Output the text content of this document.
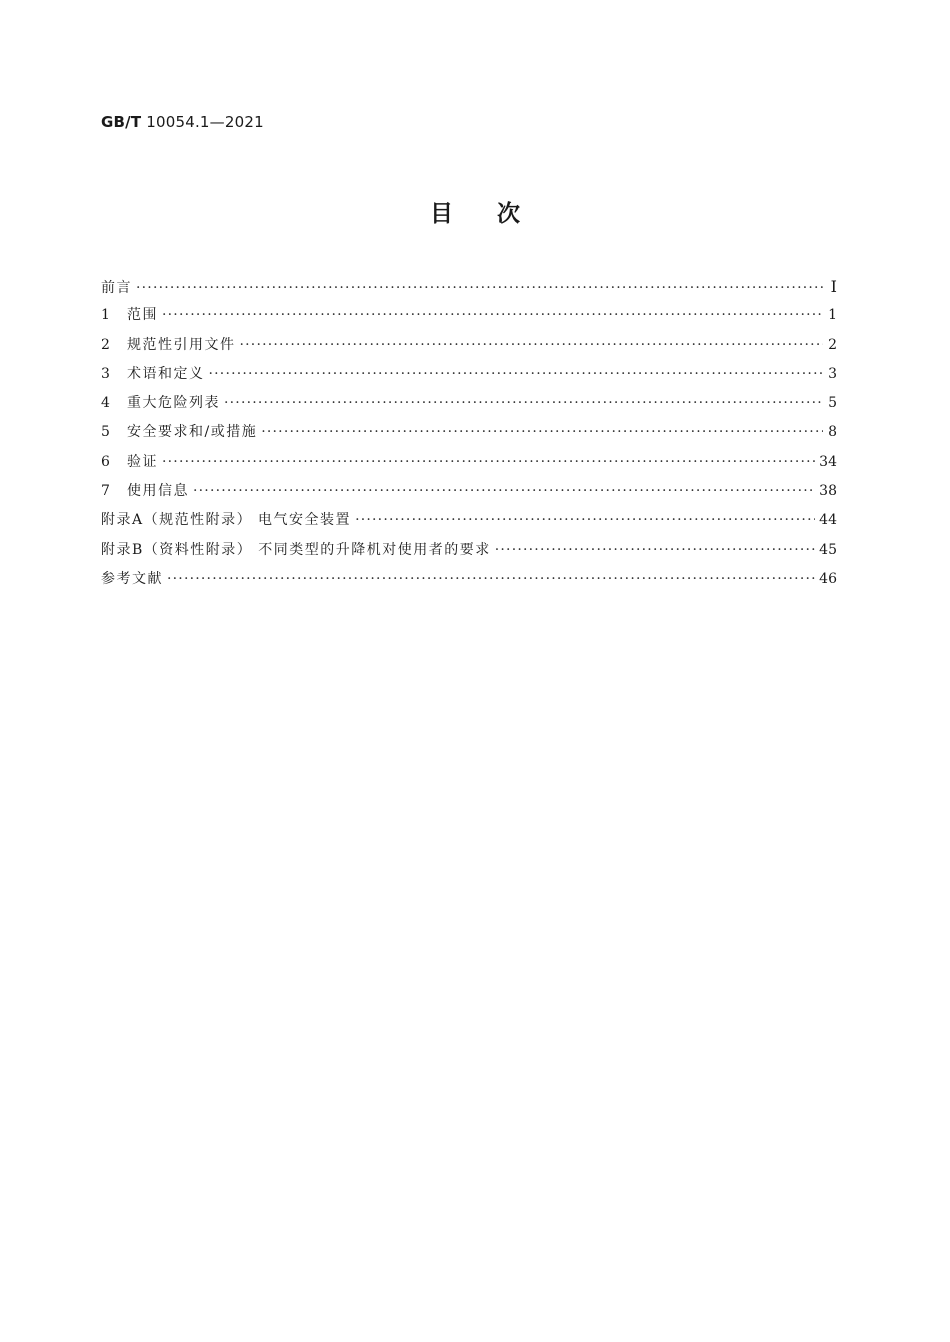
GB/T 10054.1—2021
目次
前言 ·····	Ⅰ
1	范围 ·····	1
2	规范性引用文件 ·····	2
3	术语和定义 ·····	3
4	重大危险列表 ·····	5
5	安全要求和/或措施 ·····	8
6	验证 ·····	34
7	使用信息 ·····	38
附录A（规范性附录） 电气安全装置 ·····	44
附录B（资料性附录） 不同类型的升降机对使用者的要求 ·····	45
参考文献 ·····	46
